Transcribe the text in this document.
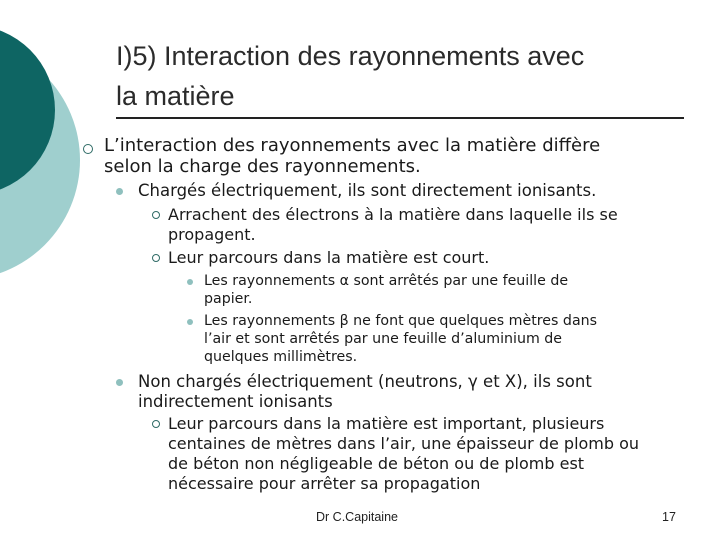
I)5) Interaction des rayonnements avec
la matière
L’interaction des rayonnements avec la matière diffère
selon la charge des rayonnements.
Chargés électriquement, ils sont directement ionisants.
Arrachent des électrons à la matière dans laquelle ils se
propagent.
Leur parcours dans la matière est court.
Les rayonnements α sont arrêtés par une feuille de
papier.
Les rayonnements β ne font que quelques mètres dans
l’air et sont arrêtés par une feuille d’aluminium de
quelques millimètres.
Non chargés électriquement (neutrons, γ et X), ils sont
indirectement ionisants
Leur parcours dans la matière est important, plusieurs
centaines de mètres dans l’air, une épaisseur de plomb ou
de béton non négligeable de béton ou de plomb est
nécessaire pour arrêter sa propagation
Dr C.Capitaine	17
